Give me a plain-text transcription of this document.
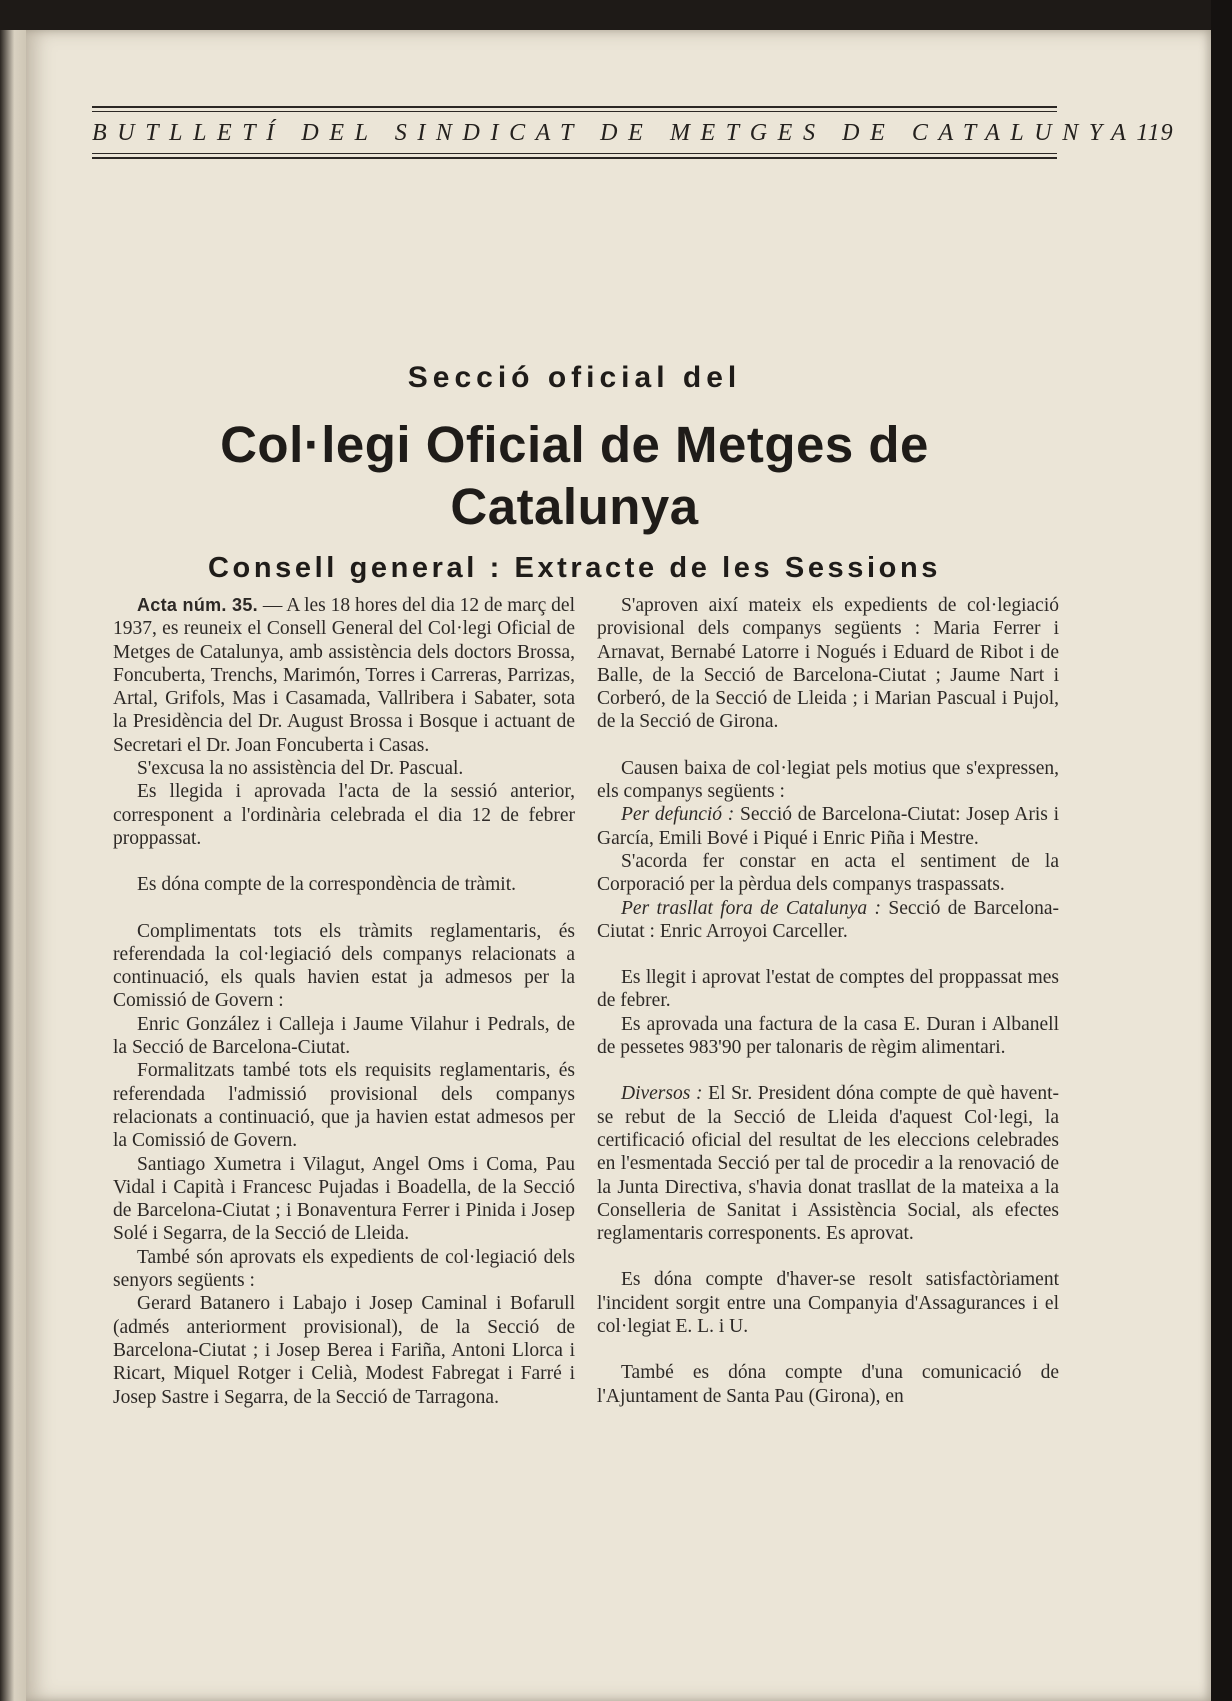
BUTLLETÍ DEL SINDICAT DE METGES DE CATALUNYA 119
Secció oficial del
Col·legi Oficial de Metges de Catalunya
Consell general : Extracte de les Sessions

Acta núm. 35. — A les 18 hores del dia 12 de març del 1937, es reuneix el Consell General del Col·legi Oficial de Metges de Catalunya, amb assistència dels doctors Brossa, Foncuberta, Trenchs, Marimón, Torres i Carreras, Parrizas, Artal, Grifols, Mas i Casamada, Vallribera i Sabater, sota la Presidència del Dr. August Brossa i Bosque i actuant de Secretari el Dr. Joan Foncuberta i Casas.

S'excusa la no assistència del Dr. Pascual.

Es llegida i aprovada l'acta de la sessió anterior, corresponent a l'ordinària celebrada el dia 12 de febrer proppassat.

Es dóna compte de la correspondència de tràmit.

Complimentats tots els tràmits reglamentaris, és referendada la col·legiació dels companys relacionats a continuació, els quals havien estat ja admesos per la Comissió de Govern :

Enric González i Calleja i Jaume Vilahur i Pedrals, de la Secció de Barcelona-Ciutat.

Formalitzats també tots els requisits reglamentaris, és referendada l'admissió provisional dels companys relacionats a continuació, que ja havien estat admesos per la Comissió de Govern.

Santiago Xumetra i Vilagut, Angel Oms i Coma, Pau Vidal i Capità i Francesc Pujadas i Boadella, de la Secció de Barcelona-Ciutat ; i Bonaventura Ferrer i Pinida i Josep Solé i Segarra, de la Secció de Lleida.

També són aprovats els expedients de col·legiació dels senyors següents :

Gerard Batanero i Labajo i Josep Caminal i Bofarull (admés anteriorment provisional), de la Secció de Barcelona-Ciutat ; i Josep Berea i Fariña, Antoni Llorca i Ricart, Miquel Rotger i Celià, Modest Fabregat i Farré i Josep Sastre i Segarra, de la Secció de Tarragona.

S'aproven així mateix els expedients de col·legiació provisional dels companys següents : Maria Ferrer i Arnavat, Bernabé Latorre i Nogués i Eduard de Ribot i de Balle, de la Secció de Barcelona-Ciutat ; Jaume Nart i Corberó, de la Secció de Lleida ; i Marian Pascual i Pujol, de la Secció de Girona.

Causen baixa de col·legiat pels motius que s'expressen, els companys següents :

Per defunció : Secció de Barcelona-Ciutat: Josep Aris i García, Emili Bové i Piqué i Enric Piña i Mestre.

S'acorda fer constar en acta el sentiment de la Corporació per la pèrdua dels companys traspassats.

Per trasllat fora de Catalunya : Secció de Barcelona-Ciutat : Enric Arroyoi Carceller.

Es llegit i aprovat l'estat de comptes del proppassat mes de febrer.

Es aprovada una factura de la casa E. Duran i Albanell de pessetes 983'90 per talonaris de règim alimentari.

Diversos : El Sr. President dóna compte de què havent-se rebut de la Secció de Lleida d'aquest Col·legi, la certificació oficial del resultat de les eleccions celebrades en l'esmentada Secció per tal de procedir a la renovació de la Junta Directiva, s'havia donat trasllat de la mateixa a la Conselleria de Sanitat i Assistència Social, als efectes reglamentaris corresponents. Es aprovat.

Es dóna compte d'haver-se resolt satisfactòriament l'incident sorgit entre una Companyia d'Assagurances i el col·legiat E. L. i U.

També es dóna compte d'una comunicació de l'Ajuntament de Santa Pau (Girona), en
